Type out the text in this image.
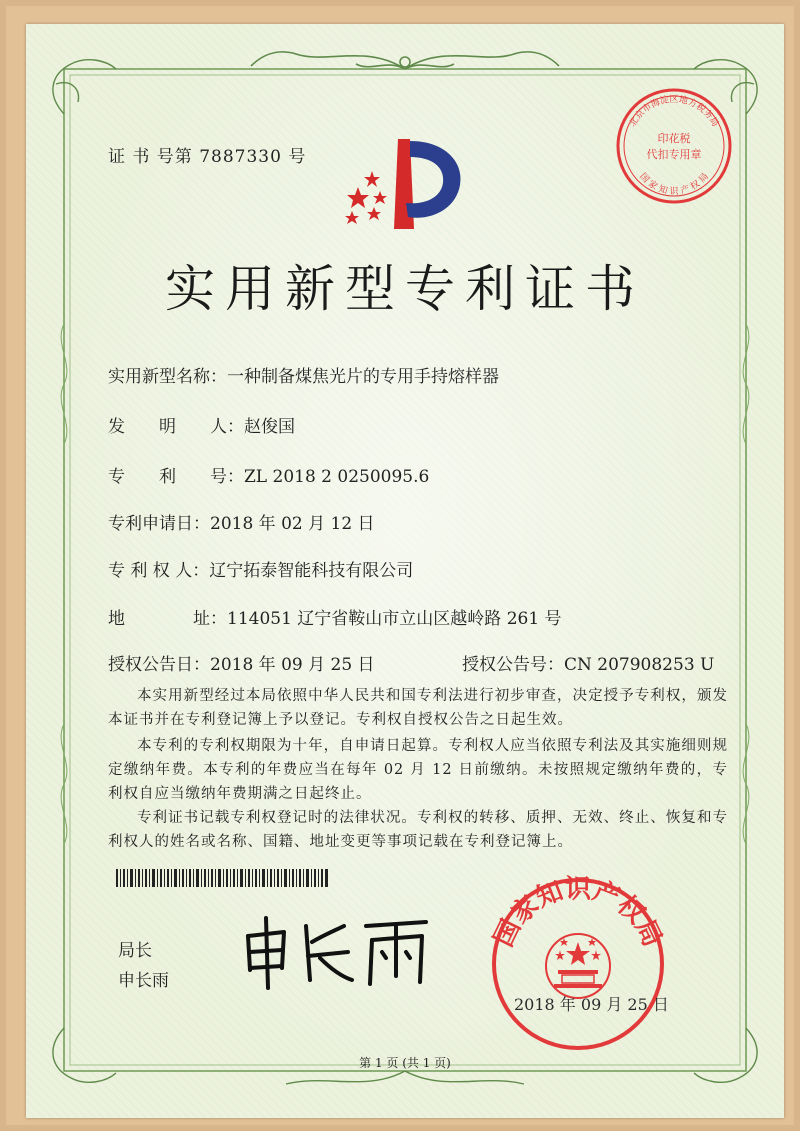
证 书 号第 7887330 号
北京市海淀区地方税务局
印花税
代扣专用章
国 家 知 识 产 权 局
实用新型专利证书
实用新型名称：一种制备煤焦光片的专用手持熔样器
发　　明　　人：赵俊国
专　　利　　号：ZL 2018 2 0250095.6
专利申请日：2018 年 02 月 12 日
专 利 权 人：辽宁拓泰智能科技有限公司
地　　　　址：114051 辽宁省鞍山市立山区越岭路 261 号
授权公告日：2018 年 09 月 25 日	授权公告号：CN 207908253 U
本实用新型经过本局依照中华人民共和国专利法进行初步审查，决定授予专利权，颁发本证书并在专利登记簿上予以登记。专利权自授权公告之日起生效。
本专利的专利权期限为十年，自申请日起算。专利权人应当依照专利法及其实施细则规定缴纳年费。本专利的年费应当在每年 02 月 12 日前缴纳。未按照规定缴纳年费的，专利权自应当缴纳年费期满之日起终止。
专利证书记载专利权登记时的法律状况。专利权的转移、质押、无效、终止、恢复和专利权人的姓名或名称、国籍、地址变更等事项记载在专利登记簿上。
局长
申长雨
国家知识产权局
2018 年 09 月 25 日
第 1 页 (共 1 页)
